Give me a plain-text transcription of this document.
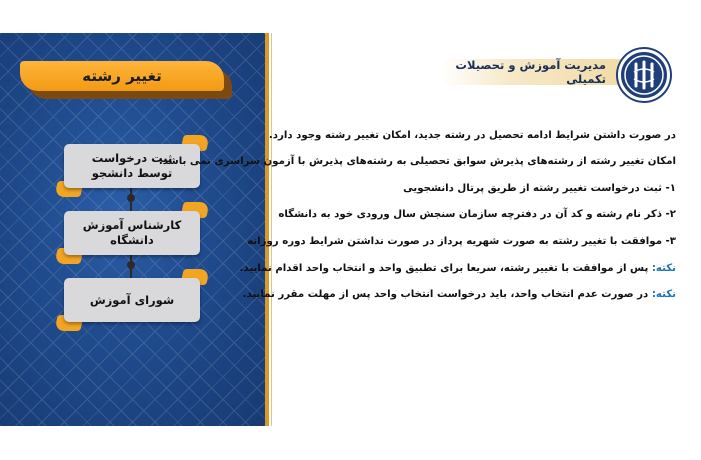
تغییر رشته
ثبت درخواست
توسط دانشجو
کارشناس آموزش دانشگاه
شورای آموزش
مدیریت آموزش و تحصیلات تکمیلی
در صورت داشتن شرایط ادامه تحصیل در رشته جدید، امکان تغییر رشته وجود دارد.
امکان تغییر رشته از رشته‌های پذیرش سوابق تحصیلی به رشته‌های پذیرش با آزمون سراسری نمی باشد.
۱- ثبت درخواست تغییر رشته از طریق پرتال دانشجویی
۲- ذکر نام رشته و کد آن در دفترچه سازمان سنجش سال ورودی خود به دانشگاه
۳- موافقت با تغییر رشته به صورت شهریه پرداز در صورت نداشتن شرایط دوره روزانه
نکته: پس از موافقت با تغییر رشته، سریعا برای تطبیق واحد و انتخاب واحد اقدام نمایید.
نکته: در صورت عدم انتخاب واحد، باید درخواست انتخاب واحد پس از مهلت مقرر نمایید.
